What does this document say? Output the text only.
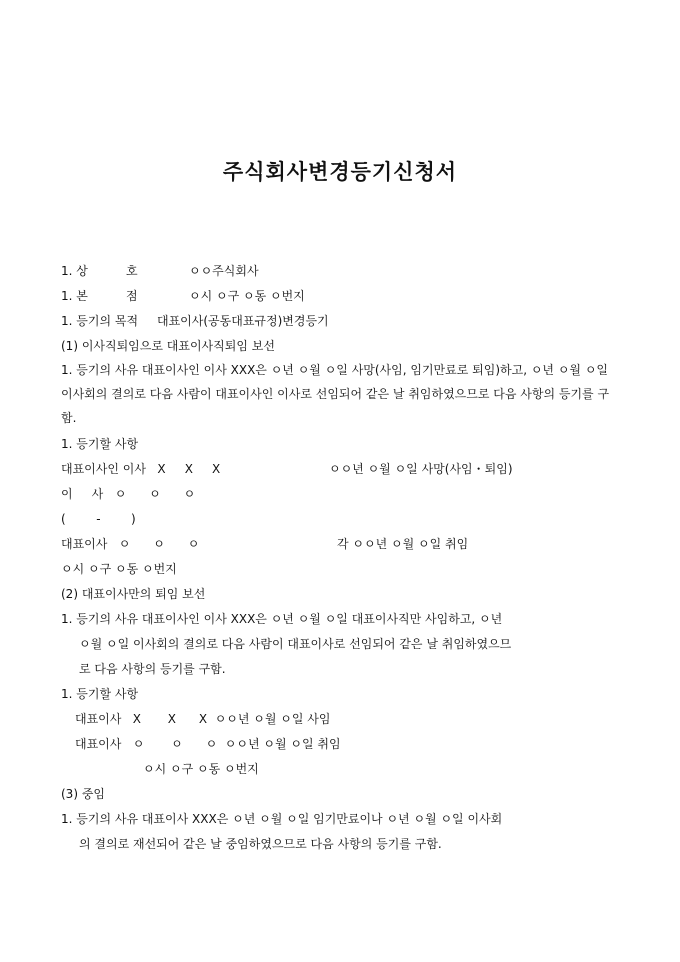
주식회사변경등기신청서
1. 상          호	ㅇㅇ주식회사
1. 본          점	ㅇ시 ㅇ구 ㅇ동 ㅇ번지
1. 등기의 목적 대표이사(공동대표규정)변경등기
(1) 이사직퇴임으로 대표이사직퇴임 보선
1. 등기의 사유 대표이사인 이사 XXX은 ㅇ년 ㅇ월 ㅇ일 사망(사임, 임기만료로 퇴임)하고, ㅇ년 ㅇ월 ㅇ일 이사회의 결의로 다음 사람이 대표이사인 이사로 선임되어 같은 날 취임하였으므로 다음 사항의 등기를 구함.
1. 등기할 사항
대표이사인 이사   X     X     X	ㅇㅇ년 ㅇ월 ㅇ일 사망(사임・퇴임)
이     사   ㅇ      ㅇ      ㅇ
(        -        )
대표이사   ㅇ      ㅇ      ㅇ	각 ㅇㅇ년 ㅇ월 ㅇ일 취임
ㅇ시 ㅇ구 ㅇ동 ㅇ번지
(2) 대표이사만의 퇴임 보선
1. 등기의 사유 대표이사인 이사 XXX은 ㅇ년 ㅇ월 ㅇ일 대표이사직만 사임하고, ㅇ년
ㅇ월 ㅇ일 이사회의 결의로 다음 사람이 대표이사로 선임되어 같은 날 취임하였으므
로 다음 사항의 등기를 구함.
1. 등기할 사항
대표이사   X       X      X  ㅇㅇ년 ㅇ월 ㅇ일 사임
대표이사   ㅇ       ㅇ      ㅇ  ㅇㅇ년 ㅇ월 ㅇ일 취임
ㅇ시 ㅇ구 ㅇ동 ㅇ번지
(3) 중임
1. 등기의 사유 대표이사 XXX은 ㅇ년 ㅇ월 ㅇ일 임기만료이나 ㅇ년 ㅇ월 ㅇ일 이사회
의 결의로 재선되어 같은 날 중임하였으므로 다음 사항의 등기를 구함.
